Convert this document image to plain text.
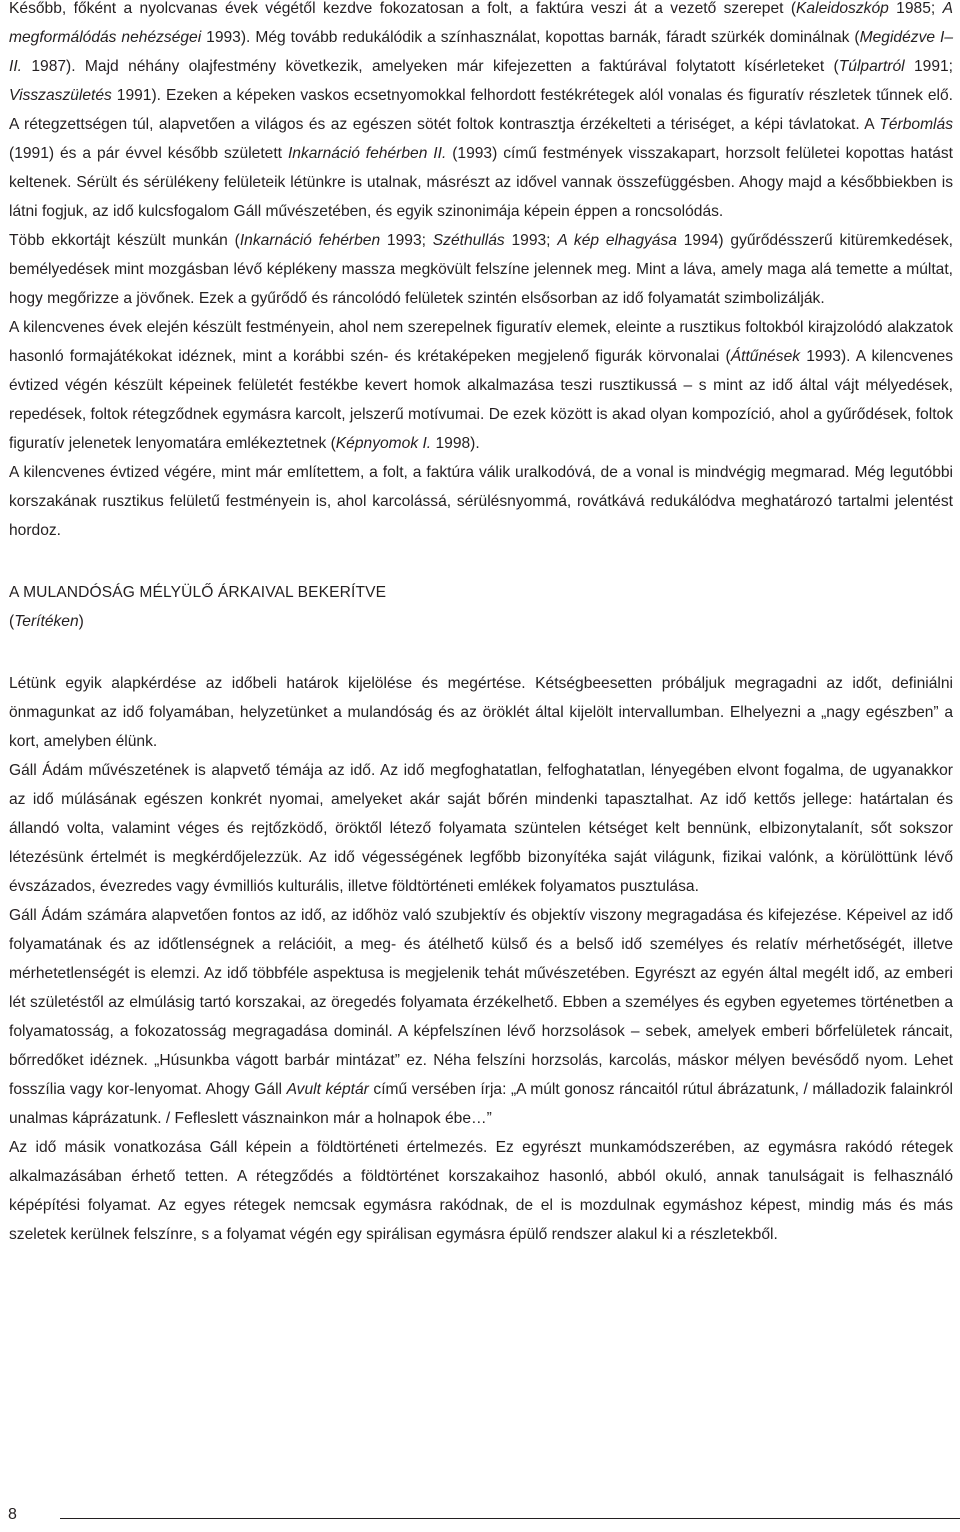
Később, főként a nyolcvanas évek végétől kezdve fokozatosan a folt, a faktúra veszi át a vezető szerepet (Kaleidoszkóp 1985; A megformálódás nehézségei 1993). Még tovább redukálódik a színhasználat, kopottas barnák, fáradt szürkék dominálnak (Megidézve I–II. 1987). Majd néhány olajfestmény következik, amelyeken már kifejezetten a faktúrával folytatott kísérleteket (Túlpartról 1991; Visszaszületés 1991). Ezeken a képeken vaskos ecsetnyomokkal felhordott festékrétegek alól vonalas és figuratív részletek tűnnek elő. A rétegzettségen túl, alapvetően a világos és az egészen sötét foltok kontrasztja érzékelteti a tériséget, a képi távlatokat. A Térbomlás (1991) és a pár évvel később született Inkarnáció fehérben II. (1993) című festmények visszakapart, horzsolt felületei kopottas hatást keltenek. Sérült és sérülékeny felületeik létünkre is utalnak, másrészt az idővel vannak összefüggésben. Ahogy majd a későbbiekben is látni fogjuk, az idő kulcsfogalom Gáll művészetében, és egyik szinonimája képein éppen a roncsolódás.

Több ekkortájt készült munkán (Inkarnáció fehérben 1993; Széthullás 1993; A kép elhagyása 1994) gyűrődésszerű kitüremkedések, bemélyedések mint mozgásban lévő képlékeny massza megkövült felszíne jelennek meg. Mint a láva, amely maga alá temette a múltat, hogy megőrizze a jövőnek. Ezek a gyűrődő és ráncolódó felületek szintén elsősorban az idő folyamatát szimbolizálják.

A kilencvenes évek elején készült festményein, ahol nem szerepelnek figuratív elemek, eleinte a rusztikus foltokból kirajzolódó alakzatok hasonló formajátékokat idéznek, mint a korábbi szén- és krétaképeken megjelenő figurák körvonalai (Áttűnések 1993). A kilencvenes évtized végén készült képeinek felületét festékbe kevert homok alkalmazása teszi rusztikussá – s mint az idő által vájt mélyedések, repedések, foltok rétegződnek egymásra karcolt, jelszerű motívumai. De ezek között is akad olyan kompozíció, ahol a gyűrődések, foltok figuratív jelenetek lenyomatára emlékeztetnek (Képnyomok I. 1998).

A kilencvenes évtized végére, mint már említettem, a folt, a faktúra válik uralkodóvá, de a vonal is mindvégig megmarad. Még legutóbbi korszakának rusztikus felületű festményein is, ahol karcolássá, sérülésnyommá, rovátkává redukálódva meghatározó tartalmi jelentést hordoz.

A MULANDÓSÁG MÉLYÜLŐ ÁRKAIVAL BEKERÍTVE

(Terítéken)

Létünk egyik alapkérdése az időbeli határok kijelölése és megértése. Kétségbeesetten próbáljuk megragadni az időt, definiálni önmagunkat az idő folyamában, helyzetünket a mulandóság és az öröklét által kijelölt intervallumban. Elhelyezni a „nagy egészben” a kort, amelyben élünk.

Gáll Ádám művészetének is alapvető témája az idő. Az idő megfoghatatlan, felfoghatatlan, lényegében elvont fogalma, de ugyanakkor az idő múlásának egészen konkrét nyomai, amelyeket akár saját bőrén mindenki tapasztalhat. Az idő kettős jellege: határtalan és állandó volta, valamint véges és rejtőzködő, öröktől létező folyamata szüntelen kétséget kelt bennünk, elbizonytalanít, sőt sokszor létezésünk értelmét is megkérdőjelezzük. Az idő végességének legfőbb bizonyítéka saját világunk, fizikai valónk, a körülöttünk lévő évszázados, évezredes vagy évmilliós kulturális, illetve földtörténeti emlékek folyamatos pusztulása.

Gáll Ádám számára alapvetően fontos az idő, az időhöz való szubjektív és objektív viszony megragadása és kifejezése. Képeivel az idő folyamatának és az időtlenségnek a relációit, a meg- és átélhető külső és a belső idő személyes és relatív mérhetőségét, illetve mérhetetlenségét is elemzi. Az idő többféle aspektusa is megjelenik tehát művészetében. Egyrészt az egyén által megélt idő, az emberi lét születéstől az elmúlásig tartó korszakai, az öregedés folyamata érzékelhető. Ebben a személyes és egyben egyetemes történetben a folyamatosság, a fokozatosság megragadása dominál. A képfelszínen lévő horzsolások – sebek, amelyek emberi bőrfelületek ráncait, bőrredőket idéznek. „Húsunkba vágott barbár mintázat” ez. Néha felszíni horzsolás, karcolás, máskor mélyen bevésődő nyom. Lehet fosszília vagy kor-lenyomat. Ahogy Gáll Avult képtár című versében írja: „A múlt gonosz ráncaitól rútul ábrázatunk, / málladozik falainkról unalmas káprázatunk. / Fefleslett vásznainkon már a holnapok ébe…”

Az idő másik vonatkozása Gáll képein a földtörténeti értelmezés. Ez egyrészt munkamódszerében, az egymásra rakódó rétegek alkalmazásában érhető tetten. A rétegződés a földtörténet korszakaihoz hasonló, abból okuló, annak tanulságait is felhasználó képépítési folyamat. Az egyes rétegek nemcsak egymásra rakódnak, de el is mozdulnak egymáshoz képest, mindig más és más szeletek kerülnek felszínre, s a folyamat végén egy spirálisan egymásra épülő rendszer alakul ki a részletekből.

8
